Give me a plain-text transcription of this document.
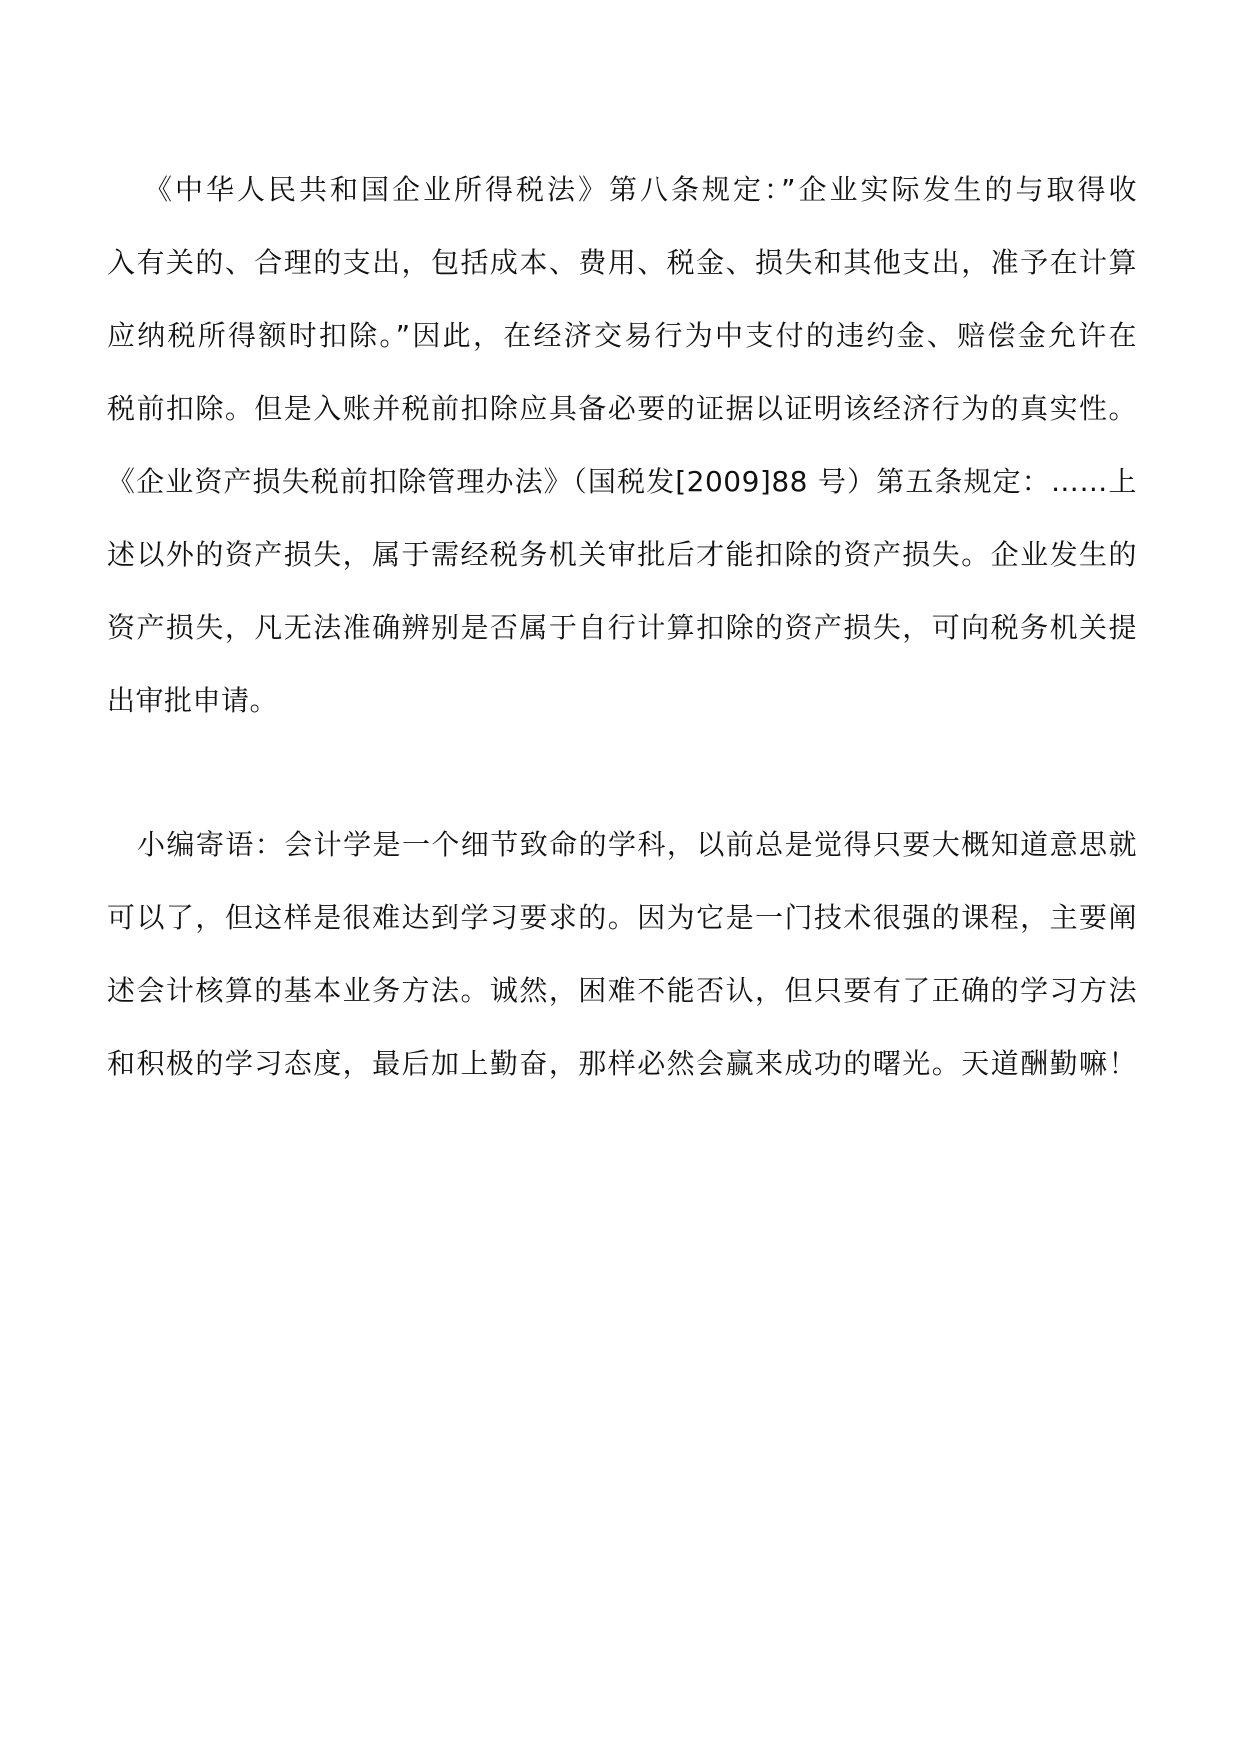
《中华人民共和国企业所得税法》第八条规定：”企业实际发生的与取得收
入有关的、合理的支出，包括成本、费用、税金、损失和其他支出，准予在计算
应纳税所得额时扣除。”因此，在经济交易行为中支付的违约金、赔偿金允许在
税前扣除。但是入账并税前扣除应具备必要的证据以证明该经济行为的真实性。
《企业资产损失税前扣除管理办法》（国税发[2009]88 号）第五条规定：……上
述以外的资产损失，属于需经税务机关审批后才能扣除的资产损失。企业发生的
资产损失，凡无法准确辨别是否属于自行计算扣除的资产损失，可向税务机关提
出审批申请。
小编寄语：会计学是一个细节致命的学科，以前总是觉得只要大概知道意思就
可以了，但这样是很难达到学习要求的。因为它是一门技术很强的课程，主要阐
述会计核算的基本业务方法。诚然，困难不能否认，但只要有了正确的学习方法
和积极的学习态度，最后加上勤奋，那样必然会赢来成功的曙光。天道酬勤嘛！
